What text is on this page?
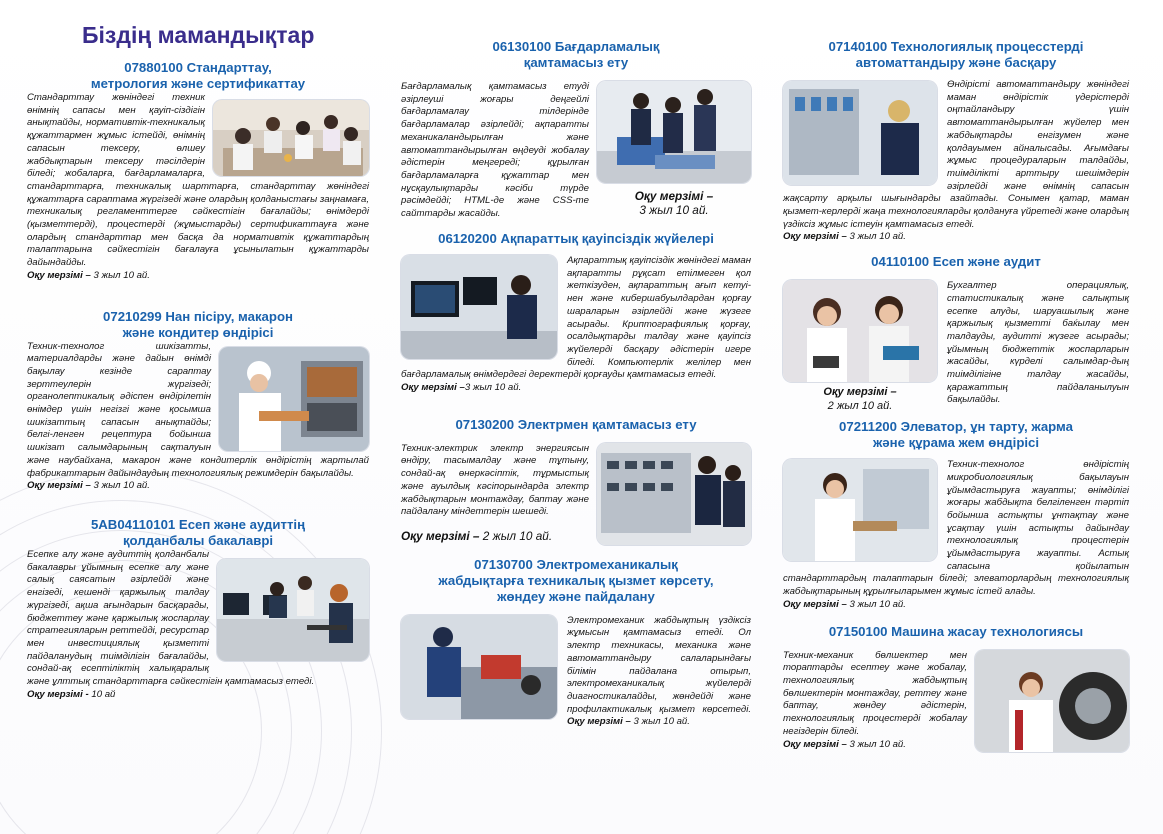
Біздің мамандықтар
07880100 Стандарттау,
метрология және сертификаттау

Стандарттау жөніндегі техник өнімнің сапасы мен қауіп-сіздігін анықтайды, нормативтік-техникалық құжаттармен жұмыс істейді, өнімнің сапасын тексеру, өлшеу жабдықтарын тексеру тәсілдерін біледі; жобаларға, бағдарламаларға, стандарттарға, техникалық шарттарға, стандарттау жөніндегі құжаттарға сараптама жүргізеді және олардың қолданыстағы заңнамаға, техникалық регламенттерге сәйкестігін бағалайды; өнімдерді (қызметтерді), процестерді (жұмыстарды) сертификаттауға және олардың стандарттар мен басқа да нормативтік құжаттардың талаптарына сәйкестігін бағалауға ұсынылатын құжаттарды дайындайды.

Оқу мерзімі – 3 жыл 10 ай.

07210299 Нан пісіру, макарон
және кондитер өндірісі

Техник-технолог шикізатты, материалдарды және дайын өнімді бақылау кезінде сараптау зерттеулерін жүргізеді; органолептикалық әдіспен өндірілетін өнімдер үшін негізгі және қосымша шикізаттың сапасын анықтайды; белгі-ленген рецептура бойынша шикізат салымдарының сақталуын және наубайхана, макарон және кондитерлік өндірістің жартылай фабрикаттарын дайындаудың технологиялық режимдерін бақылайды.

Оқу мерзімі – 3 жыл 10 ай.

5AB04110101 Есеп және аудиттің
қолданбалы бакалаврі

Есепке алу және аудиттің қолданбалы бакалавры ұйымның есепке алу және салық саясатын әзірлейді және енгізеді, кешенді қаржылық талдау жүргізеді, ақша ағындарын басқарады, бюджеттеу және қаржылық жоспарлау стратегияларын реттейді, ресурстар мен инвестициялық қызметті пайдаланудың тиімділігін бағалайды, сондай-ақ есептіліктің халықаралық және ұлттық стандарттарға сәйкестігін қамтамасыз етеді.

Оқу мерзімі - 10 ай

06130100 Бағдарламалық
қамтамасыз ету

Оқу мерзімі –
3 жыл 10 ай.

Бағдарламалық қамтамасыз етуді әзірлеуші жоғары деңгейлі бағдарламалау тілдерінде бағдарламалар әзірлейді; ақпаратты механикаландырылған және автоматтандырылған өңдеуді жобалау әдістерін меңгереді; құрылған бағдарламаларға құжаттар мен нұсқаулықтарды кәсіби түрде рәсімдейді; HTML-де және CSS-те сайттарды жасайды.

06120200 Ақпараттық қауіпсіздік жүйелері

Ақпараттық қауіпсіздік жөніндегі маман ақпаратты рұқсат етілмеген қол жеткізуден, ақпараттың ағып кетуі-нен және кибершабуылдардан қорғау шараларын әзірлейді және жүзеге асырады. Криптографиялық қорғау, осалдықтарды талдау және қауіпсіз жүйелерді басқару әдістерін игере біледі. Компьютерлік желілер мен бағдарламалық өнімдердегі деректерді қорғауды қамтамасыз етеді.

Оқу мерзімі –3 жыл 10 ай.

07130200 Электрмен қамтамасыз ету

Техник-электрик электр энергиясын өндіру, тасымалдау және тұтыну, сондай-ақ өнеркәсіптік, тұрмыстық және ауылдық кәсіпорындарда электр жабдықтарын монтаждау, баптау және пайдалану міндеттерін шешеді.

Оқу мерзімі – 2 жыл 10 ай.

07130700 Электромеханикалық
жабдықтарға техникалық қызмет көрсету,
жөндеу және пайдалану

Электромеханик жабдықтың үздіксіз жұмысын қамтамасыз етеді. Ол электр техникасы, механика және автоматтандыру салаларындағы білімін пайдалана отырып, электромеханикалық жүйелерді диагностикалайды, жөндейді және профилактикалық қызмет көрсетеді. Оқу мерзімі – 3 жыл 10 ай.

07140100 Технологиялық процесстерді
автоматтандыру және басқару

Өндірісті автоматтандыру жөніндегі маман өндірістік үдерістерді оңтайландыру үшін автоматтандырылған жүйелер мен жабдықтарды енгізумен және қолдауымен айналысады. Ағымдағы жұмыс процедураларын талдайды, тиімділікті арттыру шешімдерін әзірлейді және өнімнің сапасын жақсарту арқылы шығындарды азайтады. Сонымен қатар, маман қызмет-керлерді жаңа технологияларды қолдануға үйретеді және олардың үздіксіз жұмыс істеуін қамтамасыз етеді.

Оқу мерзімі – 3 жыл 10 ай.

04110100 Есеп және аудит

Оқу мерзімі –
2 жыл 10 ай.

Бухгалтер операциялық, статистикалық және салықтық есепке алуды, шаруашылық және қаржылық қызметті баќылау мен талдауды, аудитті жүзеге асырады; ұйымның бюджеттік жоспарларын жасайды, күрделі салымдар-дың тиімділігіне талдау жасайды, қаражаттың пайдаланылуын бақылайды.

07211200 Элеватор, ұн тарту, жарма
және құрама жем өндірісі

Техник-технолог өндірістің микробиологиялық бақылауын ұйымдастыруға жауапты; өнімділігі жоғары жабдықта белгіленген тәртіп бойынша астықты ұнтақтау және ұсақтау үшін астықты дайындау технологиялық процестерін ұйымдастыруға жауапты. Астық сапасына қойылатын стандарттардың талаптарын біледі; элеваторлардың технологиялық жабдықтарының құрылғыларымен жұмыс істей алады.

Оқу мерзімі – 3 жыл 10 ай.

07150100 Машина жасау технологиясы

Техник-механик бөлшектер мен тораптарды есептеу және жобалау, технологиялық жабдықтың бөлшектерін монтаждау, реттеу және баптау, жөндеу әдістерін, технологиялық процестерді жобалау негіздерін біледі.

Оқу мерзімі – 3 жыл 10 ай.
